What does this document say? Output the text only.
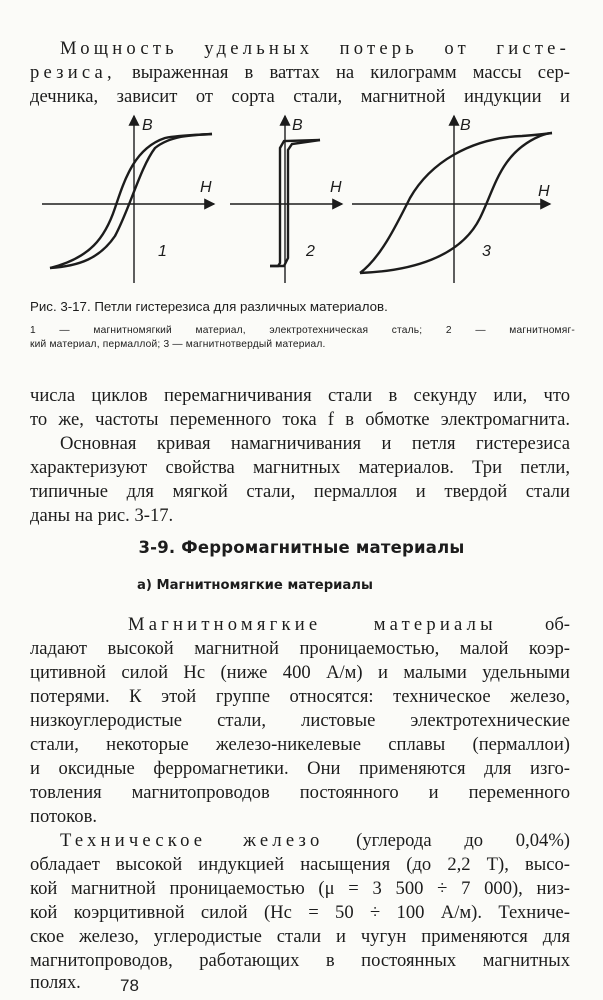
Мощность удельных потерь от гисте-
резиса, выраженная в ваттах на килограмм массы сер-
дечника, зависит от сорта стали, магнитной индукции и
B
H
B
H
B
H
1	2	3
Рис. 3-17. Петли гистерезиса для различных материалов.
1 — магнитномягкий материал, электротехническая сталь; 2 — магнитномяг-
кий материал, пермаллой; 3 — магнитнотвердый материал.
числа циклов перемагничивания стали в секунду или, что
то же, частоты переменного тока f в обмотке электромагнита.
Основная кривая намагничивания и петля гистерезиса
характеризуют свойства магнитных материалов. Три петли,
типичные для мягкой стали, пермаллоя и твердой стали
даны на рис. 3-17.
3-9. Ферромагнитные материалы
а) Магнитномягкие материалы
Магнитномягкие материалы об-
ладают высокой магнитной проницаемостью, малой коэр-
цитивной силой Hc (ниже 400 А/м) и малыми удельными
потерями. К этой группе относятся: техническое железо,
низкоуглеродистые стали, листовые электротехнические
стали, некоторые железо-никелевые сплавы (пермаллои)
и оксидные ферромагнетики. Они применяются для изго-
товления магнитопроводов постоянного и переменного
потоков.
Техническое железо (углерода до 0,04%)
обладает высокой индукцией насыщения (до 2,2 Т), высо-
кой магнитной проницаемостью (μ = 3 500 ÷ 7 000), низ-
кой коэрцитивной силой (Hc = 50 ÷ 100 А/м). Техниче-
ское железо, углеродистые стали и чугун применяются для
магнитопроводов, работающих в постоянных магнитных
полях.	78
